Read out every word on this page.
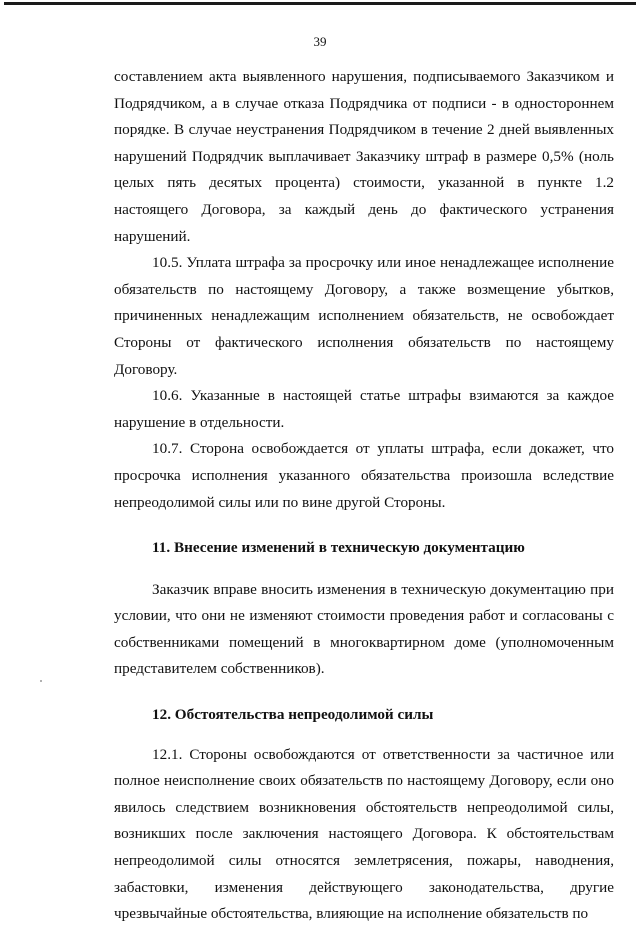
39

составлением акта выявленного нарушения, подписываемого Заказчиком и Подрядчиком, а в случае отказа Подрядчика от подписи - в одностороннем порядке. В случае неустранения Подрядчиком в течение 2 дней выявленных нарушений Подрядчик выплачивает Заказчику штраф в размере 0,5% (ноль целых пять десятых процента) стоимости, указанной в пункте 1.2 настоящего Договора, за каждый день до фактического устранения нарушений.

10.5. Уплата штрафа за просрочку или иное ненадлежащее исполнение обязательств по настоящему Договору, а также возмещение убытков, причиненных ненадлежащим исполнением обязательств, не освобождает Стороны от фактического исполнения обязательств по настоящему Договору.

10.6. Указанные в настоящей статье штрафы взимаются за каждое нарушение в отдельности.

10.7. Сторона освобождается от уплаты штрафа, если докажет, что просрочка исполнения указанного обязательства произошла вследствие непреодолимой силы или по вине другой Стороны.

11. Внесение изменений в техническую документацию

Заказчик вправе вносить изменения в техническую документацию при условии, что они не изменяют стоимости проведения работ и согласованы с собственниками помещений в многоквартирном доме (уполномоченным представителем собственников).

12. Обстоятельства непреодолимой силы

12.1. Стороны освобождаются от ответственности за частичное или полное неисполнение своих обязательств по настоящему Договору, если оно явилось следствием возникновения обстоятельств непреодолимой силы, возникших после заключения настоящего Договора. К обстоятельствам непреодолимой силы относятся землетрясения, пожары, наводнения, забастовки, изменения действующего законодательства, другие чрезвычайные обстоятельства, влияющие на исполнение обязательств по
